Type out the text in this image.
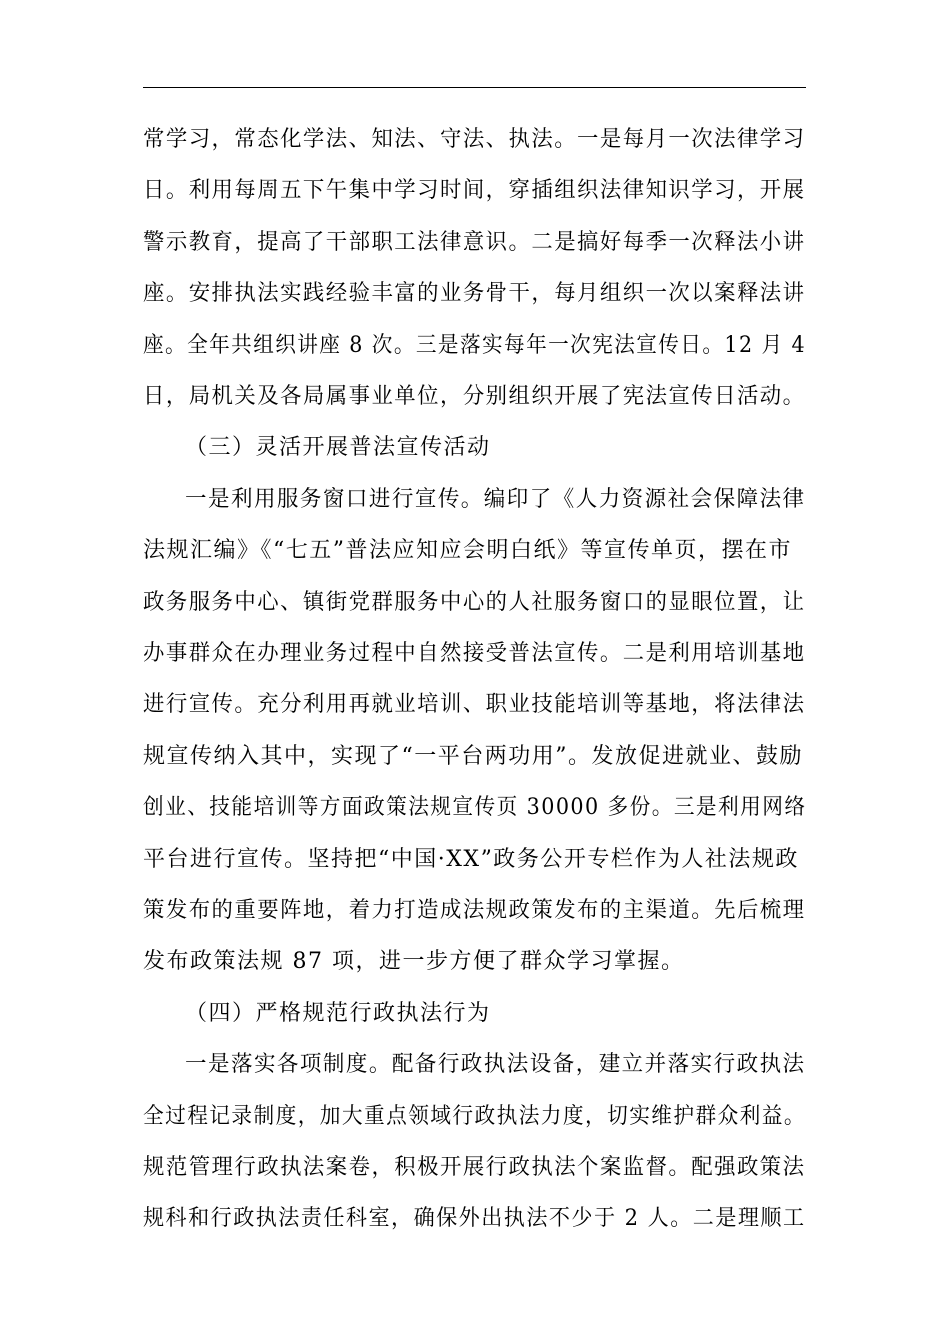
常学习，常态化学法、知法、守法、执法。一是每月一次法律学习
日。利用每周五下午集中学习时间，穿插组织法律知识学习，开展
警示教育，提高了干部职工法律意识。二是搞好每季一次释法小讲
座。安排执法实践经验丰富的业务骨干，每月组织一次以案释法讲
座。全年共组织讲座 8 次。三是落实每年一次宪法宣传日。12 月 4
日，局机关及各局属事业单位，分别组织开展了宪法宣传日活动。
（三）灵活开展普法宣传活动
一是利用服务窗口进行宣传。编印了《人力资源社会保障法律
法规汇编》《“七五”普法应知应会明白纸》等宣传单页，摆在市
政务服务中心、镇街党群服务中心的人社服务窗口的显眼位置，让
办事群众在办理业务过程中自然接受普法宣传。二是利用培训基地
进行宣传。充分利用再就业培训、职业技能培训等基地，将法律法
规宣传纳入其中，实现了“一平台两功用”。发放促进就业、鼓励
创业、技能培训等方面政策法规宣传页 30000 多份。三是利用网络
平台进行宣传。坚持把“中国·XX”政务公开专栏作为人社法规政
策发布的重要阵地，着力打造成法规政策发布的主渠道。先后梳理
发布政策法规 87 项，进一步方便了群众学习掌握。
（四）严格规范行政执法行为
一是落实各项制度。配备行政执法设备，建立并落实行政执法
全过程记录制度，加大重点领域行政执法力度，切实维护群众利益。
规范管理行政执法案卷，积极开展行政执法个案监督。配强政策法
规科和行政执法责任科室，确保外出执法不少于 2 人。二是理顺工
